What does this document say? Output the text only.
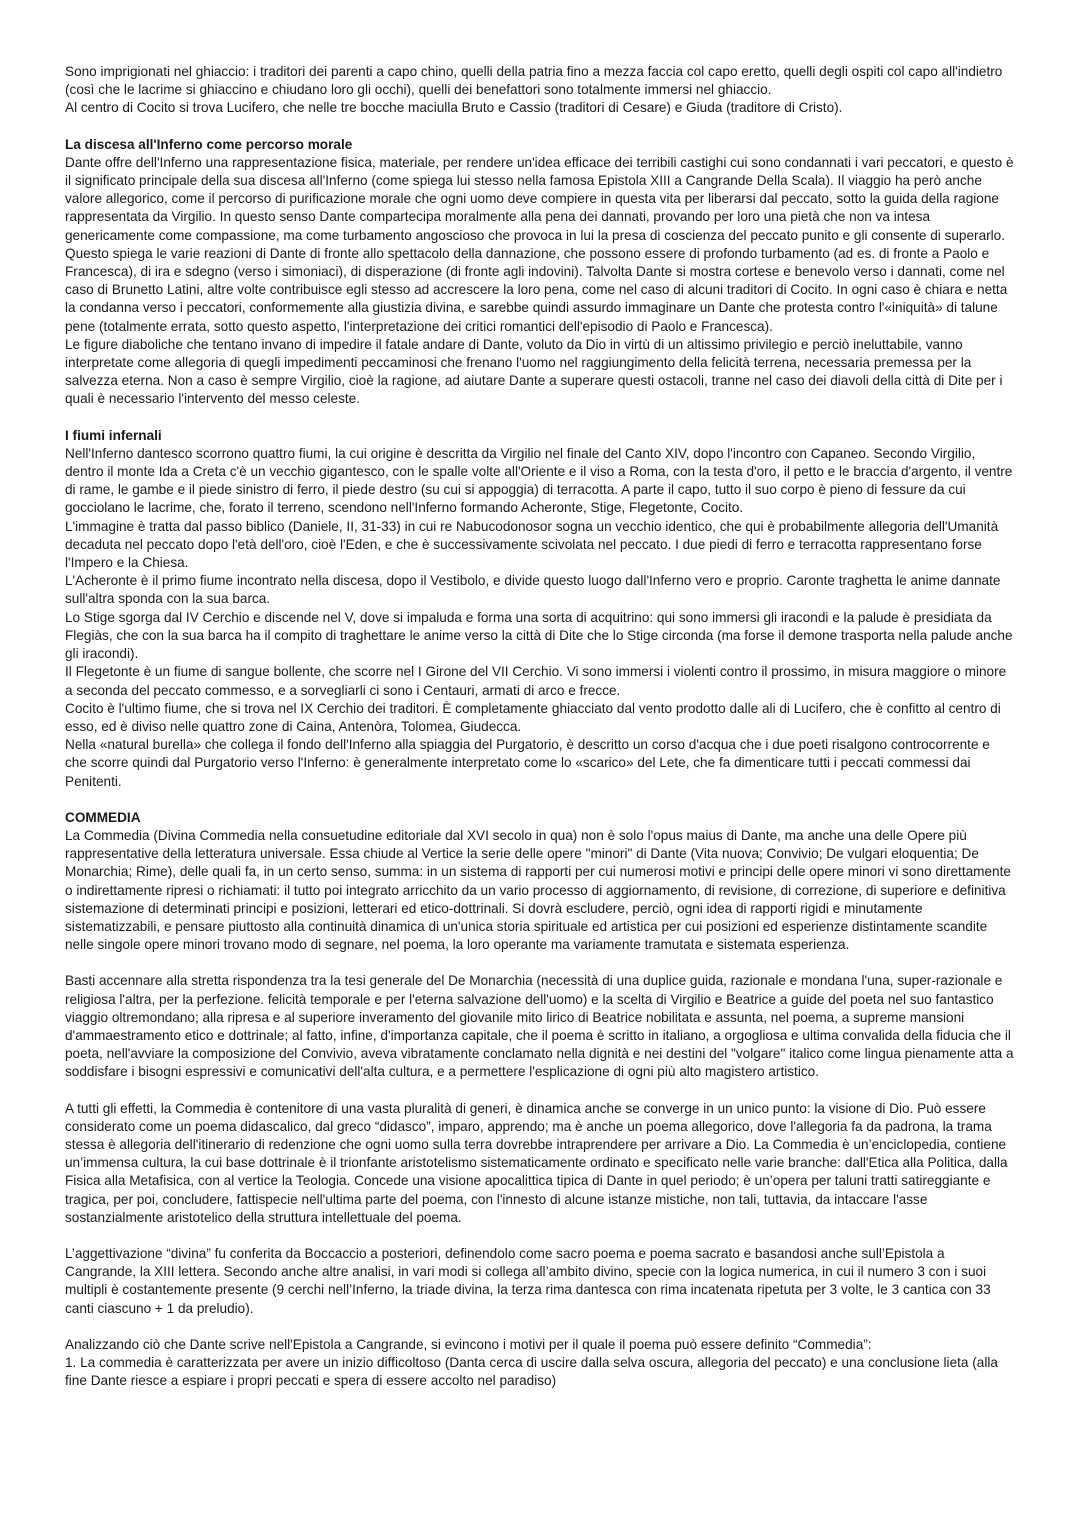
Sono imprigionati nel ghiaccio: i traditori dei parenti a capo chino, quelli della patria fino a mezza faccia col capo eretto, quelli degli ospiti col capo all'indietro (così che le lacrime si ghiaccino e chiudano loro gli occhi), quelli dei benefattori sono totalmente immersi nel ghiaccio.

Al centro di Cocito si trova Lucifero, che nelle tre bocche maciulla Bruto e Cassio (traditori di Cesare) e Giuda (traditore di Cristo).

La discesa all'Inferno come percorso morale

Dante offre dell'Inferno una rappresentazione fisica, materiale, per rendere un'idea efficace dei terribili castighi cui sono condannati i vari peccatori, e questo è il significato principale della sua discesa all'Inferno (come spiega lui stesso nella famosa Epistola XIII a Cangrande Della Scala). Il viaggio ha però anche valore allegorico, come il percorso di purificazione morale che ogni uomo deve compiere in questa vita per liberarsi dal peccato, sotto la guida della ragione rappresentata da Virgilio. In questo senso Dante compartecipa moralmente alla pena dei dannati, provando per loro una pietà che non va intesa genericamente come compassione, ma come turbamento angoscioso che provoca in lui la presa di coscienza del peccato punito e gli consente di superarlo.

Questo spiega le varie reazioni di Dante di fronte allo spettacolo della dannazione, che possono essere di profondo turbamento (ad es. di fronte a Paolo e Francesca), di ira e sdegno (verso i simoniaci), di disperazione (di fronte agli indovini). Talvolta Dante si mostra cortese e benevolo verso i dannati, come nel caso di Brunetto Latini, altre volte contribuisce egli stesso ad accrescere la loro pena, come nel caso di alcuni traditori di Cocito. In ogni caso è chiara e netta la condanna verso i peccatori, conformemente alla giustizia divina, e sarebbe quindi assurdo immaginare un Dante che protesta contro l'«iniquità» di talune pene (totalmente errata, sotto questo aspetto, l'interpretazione dei critici romantici dell'episodio di Paolo e Francesca).

Le figure diaboliche che tentano invano di impedire il fatale andare di Dante, voluto da Dio in virtù di un altissimo privilegio e perciò ineluttabile, vanno interpretate come allegoria di quegli impedimenti peccaminosi che frenano l'uomo nel raggiungimento della felicità terrena, necessaria premessa per la salvezza eterna. Non a caso è sempre Virgilio, cioè la ragione, ad aiutare Dante a superare questi ostacoli, tranne nel caso dei diavoli della città di Dite per i quali è necessario l'intervento del messo celeste.

I fiumi infernali

Nell'Inferno dantesco scorrono quattro fiumi, la cui origine è descritta da Virgilio nel finale del Canto XIV, dopo l'incontro con Capaneo. Secondo Virgilio, dentro il monte Ida a Creta c'è un vecchio gigantesco, con le spalle volte all'Oriente e il viso a Roma, con la testa d'oro, il petto e le braccia d'argento, il ventre di rame, le gambe e il piede sinistro di ferro, il piede destro (su cui si appoggia) di terracotta. A parte il capo, tutto il suo corpo è pieno di fessure da cui gocciolano le lacrime, che, forato il terreno, scendono nell'Inferno formando Acheronte, Stige, Flegetonte, Cocito.

L'immagine è tratta dal passo biblico (Daniele, II, 31-33) in cui re Nabucodonosor sogna un vecchio identico, che qui è probabilmente allegoria dell'Umanità decaduta nel peccato dopo l'età dell'oro, cioè l'Eden, e che è successivamente scivolata nel peccato. I due piedi di ferro e terracotta rappresentano forse l'Impero e la Chiesa.

L'Acheronte è il primo fiume incontrato nella discesa, dopo il Vestibolo, e divide questo luogo dall'Inferno vero e proprio. Caronte traghetta le anime dannate sull'altra sponda con la sua barca.

Lo Stige sgorga dal IV Cerchio e discende nel V, dove si impaluda e forma una sorta di acquitrino: qui sono immersi gli iracondi e la palude è presidiata da Flegiàs, che con la sua barca ha il compito di traghettare le anime verso la città di Dite che lo Stige circonda (ma forse il demone trasporta nella palude anche gli iracondi).

Il Flegetonte è un fiume di sangue bollente, che scorre nel I Girone del VII Cerchio. Vi sono immersi i violenti contro il prossimo, in misura maggiore o minore a seconda del peccato commesso, e a sorvegliarli ci sono i Centauri, armati di arco e frecce.

Cocito è l'ultimo fiume, che si trova nel IX Cerchio dei traditori. È completamente ghiacciato dal vento prodotto dalle ali di Lucifero, che è confitto al centro di esso, ed è diviso nelle quattro zone di Caina, Antenòra, Tolomea, Giudecca.

Nella «natural burella» che collega il fondo dell'Inferno alla spiaggia del Purgatorio, è descritto un corso d'acqua che i due poeti risalgono controcorrente e che scorre quindi dal Purgatorio verso l'Inferno: è generalmente interpretato come lo «scarico» del Lete, che fa dimenticare tutti i peccati commessi dai Penitenti.

COMMEDIA

La Commedia (Divina Commedia nella consuetudine editoriale dal XVI secolo in qua) non è solo l'opus maius di Dante, ma anche una delle Opere più rappresentative della letteratura universale. Essa chiude al Vertice la serie delle opere "minori" di Dante (Vita nuova; Convivio; De vulgari eloquentia; De Monarchia; Rime), delle quali fa, in un certo senso, summa: in un sistema di rapporti per cui numerosi motivi e principi delle opere minori vi sono direttamente o indirettamente ripresi o richiamati: il tutto poi integrato arricchito da un vario processo di aggiornamento, di revisione, di correzione, di superiore e definitiva sistemazione di determinati principi e posizioni, letterari ed etico-dottrinali. Si dovrà escludere, perciò, ogni idea di rapporti rigidi e minutamente sistematizzabili, e pensare piuttosto alla continuità dinamica di un'unica storia spirituale ed artistica per cui posizioni ed esperienze distintamente scandite nelle singole opere minori trovano modo di segnare, nel poema, la loro operante ma variamente tramutata e sistemata esperienza.

Basti accennare alla stretta rispondenza tra la tesi generale del De Monarchia (necessità di una duplice guida, razionale e mondana l'una, super-razionale e religiosa l'altra, per la perfezione. felicità temporale e per l'eterna salvazione dell'uomo) e la scelta di Virgilio e Beatrice a guide del poeta nel suo fantastico viaggio oltremondano; alla ripresa e al superiore inveramento del giovanile mito lirico di Beatrice nobilitata e assunta, nel poema, a supreme mansioni d'ammaestramento etico e dottrinale; al fatto, infine, d'importanza capitale, che il poema è scritto in italiano, a orgogliosa e ultima convalida della fiducia che il poeta, nell'avviare la composizione del Convivio, aveva vibratamente conclamato nella dignità e nei destini del "volgare" italico come lingua pienamente atta a soddisfare i bisogni espressivi e comunicativi dell'alta cultura, e a permettere l'esplicazione di ogni più alto magistero artistico.

A tutti gli effetti, la Commedia è contenitore di una vasta pluralità di generi, è dinamica anche se converge in un unico punto: la visione di Dio. Può essere considerato come un poema didascalico, dal greco “didasco”, imparo, apprendo; ma è anche un poema allegorico, dove l'allegoria fa da padrona, la trama stessa è allegoria dell'itinerario di redenzione che ogni uomo sulla terra dovrebbe intraprendere per arrivare a Dio. La Commedia è un’enciclopedia, contiene un’immensa cultura, la cui base dottrinale è il trionfante aristotelismo sistematicamente ordinato e specificato nelle varie branche: dall'Etica alla Politica, dalla Fisica alla Metafisica, con al vertice la Teologia. Concede una visione apocalittica tipica di Dante in quel periodo; è un’opera per taluni tratti satireggiante e tragica, per poi, concludere, fattispecie nell'ultima parte del poema, con l'innesto di alcune istanze mistiche, non tali, tuttavia, da intaccare l'asse sostanzialmente aristotelico della struttura intellettuale del poema.

L’aggettivazione “divina” fu conferita da Boccaccio a posteriori, definendolo come sacro poema e poema sacrato e basandosi anche sull’Epistola a Cangrande, la XIII lettera. Secondo anche altre analisi, in vari modi si collega all’ambito divino, specie con la logica numerica, in cui il numero 3 con i suoi multipli è costantemente presente (9 cerchi nell’Inferno, la triade divina, la terza rima dantesca con rima incatenata ripetuta per 3 volte, le 3 cantica con 33 canti ciascuno + 1 da preludio).

Analizzando ciò che Dante scrive nell'Epistola a Cangrande, si evincono i motivi per il quale il poema può essere definito “Commedia”:

1. La commedia è caratterizzata per avere un inizio difficoltoso (Danta cerca di uscire dalla selva oscura, allegoria del peccato) e una conclusione lieta (alla fine Dante riesce a espiare i propri peccati e spera di essere accolto nel paradiso)
